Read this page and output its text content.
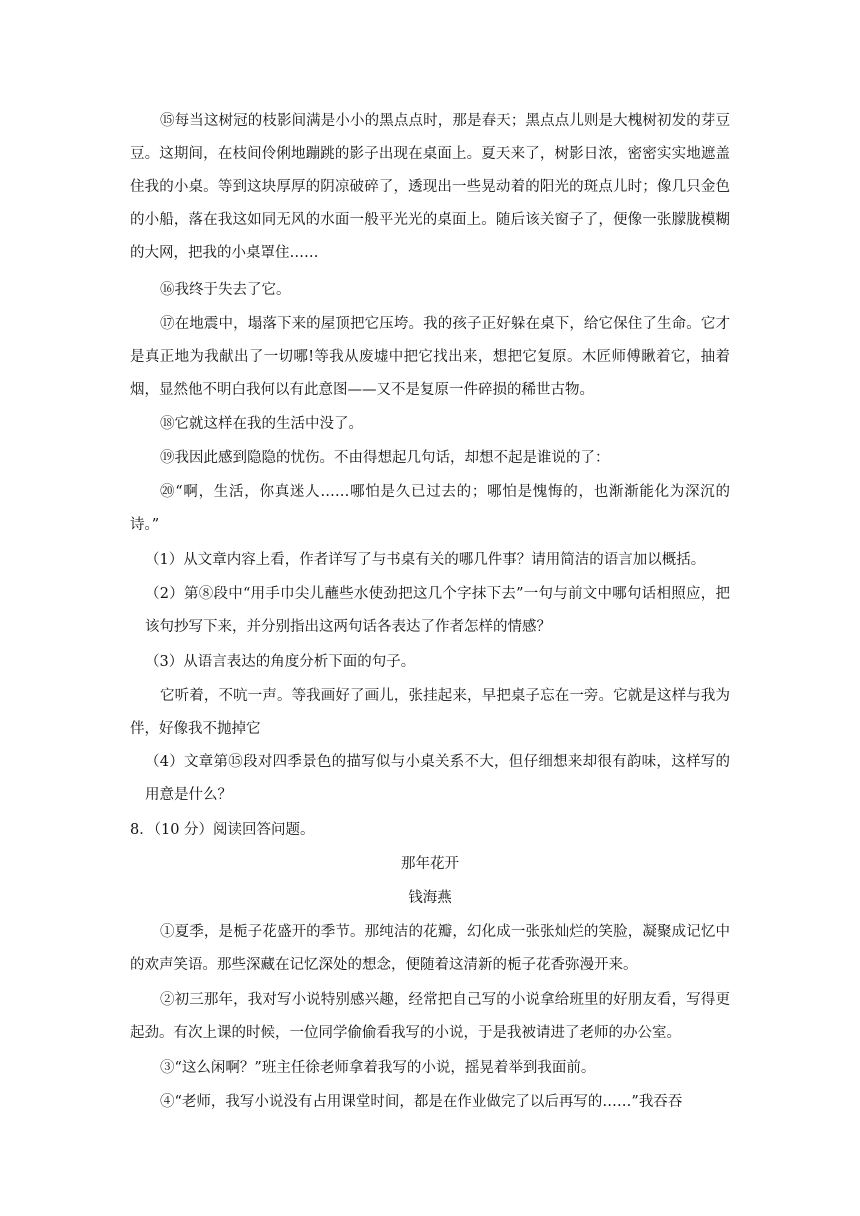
⑮每当这树冠的枝影间满是小小的黑点点时，那是春天；黑点点儿则是大槐树初发的芽豆豆。这期间，在枝间伶俐地蹦跳的影子出现在桌面上。夏天来了，树影日浓，密密实实地遮盖住我的小桌。等到这块厚厚的阴凉破碎了，透现出一些晃动着的阳光的斑点儿时；像几只金色的小船，落在我这如同无风的水面一般平光光的桌面上。随后该关窗子了，便像一张朦胧模糊的大网，把我的小桌罩住……

⑯我终于失去了它。

⑰在地震中，塌落下来的屋顶把它压垮。我的孩子正好躲在桌下，给它保住了生命。它才是真正地为我献出了一切哪!等我从废墟中把它找出来，想把它复原。木匠师傅瞅着它，抽着烟，显然他不明白我何以有此意图——又不是复原一件碎损的稀世古物。

⑱它就这样在我的生活中没了。

⑲我因此感到隐隐的忧伤。不由得想起几句话，却想不起是谁说的了：

⑳“啊，生活，你真迷人……哪怕是久已过去的；哪怕是愧悔的，也渐渐能化为深沉的诗。”

（1）从文章内容上看，作者详写了与书桌有关的哪几件事？请用简洁的语言加以概括。

（2）第⑧段中“用手巾尖儿蘸些水使劲把这几个字抹下去”一句与前文中哪句话相照应，把该句抄写下来，并分别指出这两句话各表达了作者怎样的情感？

（3）从语言表达的角度分析下面的句子。

它听着，不吭一声。等我画好了画儿，张挂起来，早把桌子忘在一旁。它就是这样与我为伴，好像我不抛掉它

（4）文章第⑮段对四季景色的描写似与小桌关系不大，但仔细想来却很有韵味，这样写的用意是什么？

8．（10 分）阅读回答问题。

那年花开

钱海燕

①夏季，是栀子花盛开的季节。那纯洁的花瓣，幻化成一张张灿烂的笑脸，凝聚成记忆中的欢声笑语。那些深藏在记忆深处的想念，便随着这清新的栀子花香弥漫开来。

②初三那年，我对写小说特别感兴趣，经常把自己写的小说拿给班里的好朋友看，写得更起劲。有次上课的时候，一位同学偷偷看我写的小说，于是我被请进了老师的办公室。

③“这么闲啊？”班主任徐老师拿着我写的小说，摇晃着举到我面前。

④“老师，我写小说没有占用课堂时间，都是在作业做完了以后再写的……”我吞吞
